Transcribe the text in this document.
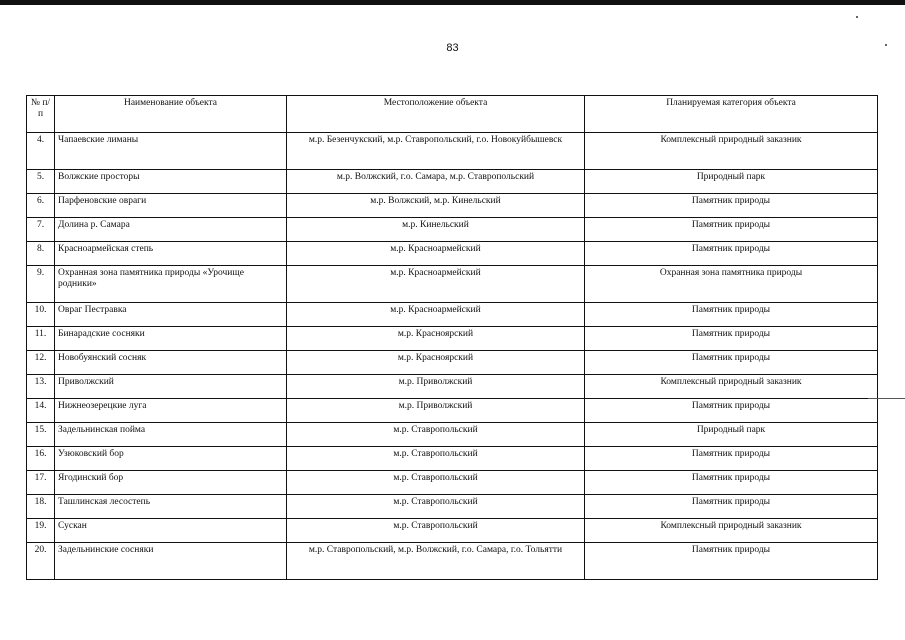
83
№ п/п	Наименование объекта	Местоположение объекта	Планируемая категория объекта
4.	Чапаевские лиманы	м.р. Безенчукский, м.р. Ставропольский, г.о. Новокуйбышевск	Комплексный природный заказник
5.	Волжские просторы	м.р. Волжский, г.о. Самара, м.р. Ставропольский	Природный парк
6.	Парфеновские овраги	м.р. Волжский, м.р. Кинельский	Памятник природы
7.	Долина р. Самара	м.р. Кинельский	Памятник природы
8.	Красноармейская степь	м.р. Красноармейский	Памятник природы
9.	Охранная зона памятника природы «Урочище родники»	м.р. Красноармейский	Охранная зона памятника природы
10.	Овраг Пестравка	м.р. Красноармейский	Памятник природы
11.	Бинарадские сосняки	м.р. Красноярский	Памятник природы
12.	Новобуянский сосняк	м.р. Красноярский	Памятник природы
13.	Приволжский	м.р. Приволжский	Комплексный природный заказник
14.	Нижнеозерецкие луга	м.р. Приволжский	Памятник природы
15.	Задельнинская пойма	м.р. Ставропольский	Природный парк
16.	Узюковский бор	м.р. Ставропольский	Памятник природы
17.	Ягодинский бор	м.р. Ставропольский	Памятник природы
18.	Ташлинская лесостепь	м.р. Ставропольский	Памятник природы
19.	Сускан	м.р. Ставропольский	Комплексный природный заказник
20.	Задельнинские сосняки	м.р. Ставропольский, м.р. Волжский, г.о. Самара, г.о. Тольятти	Памятник природы
